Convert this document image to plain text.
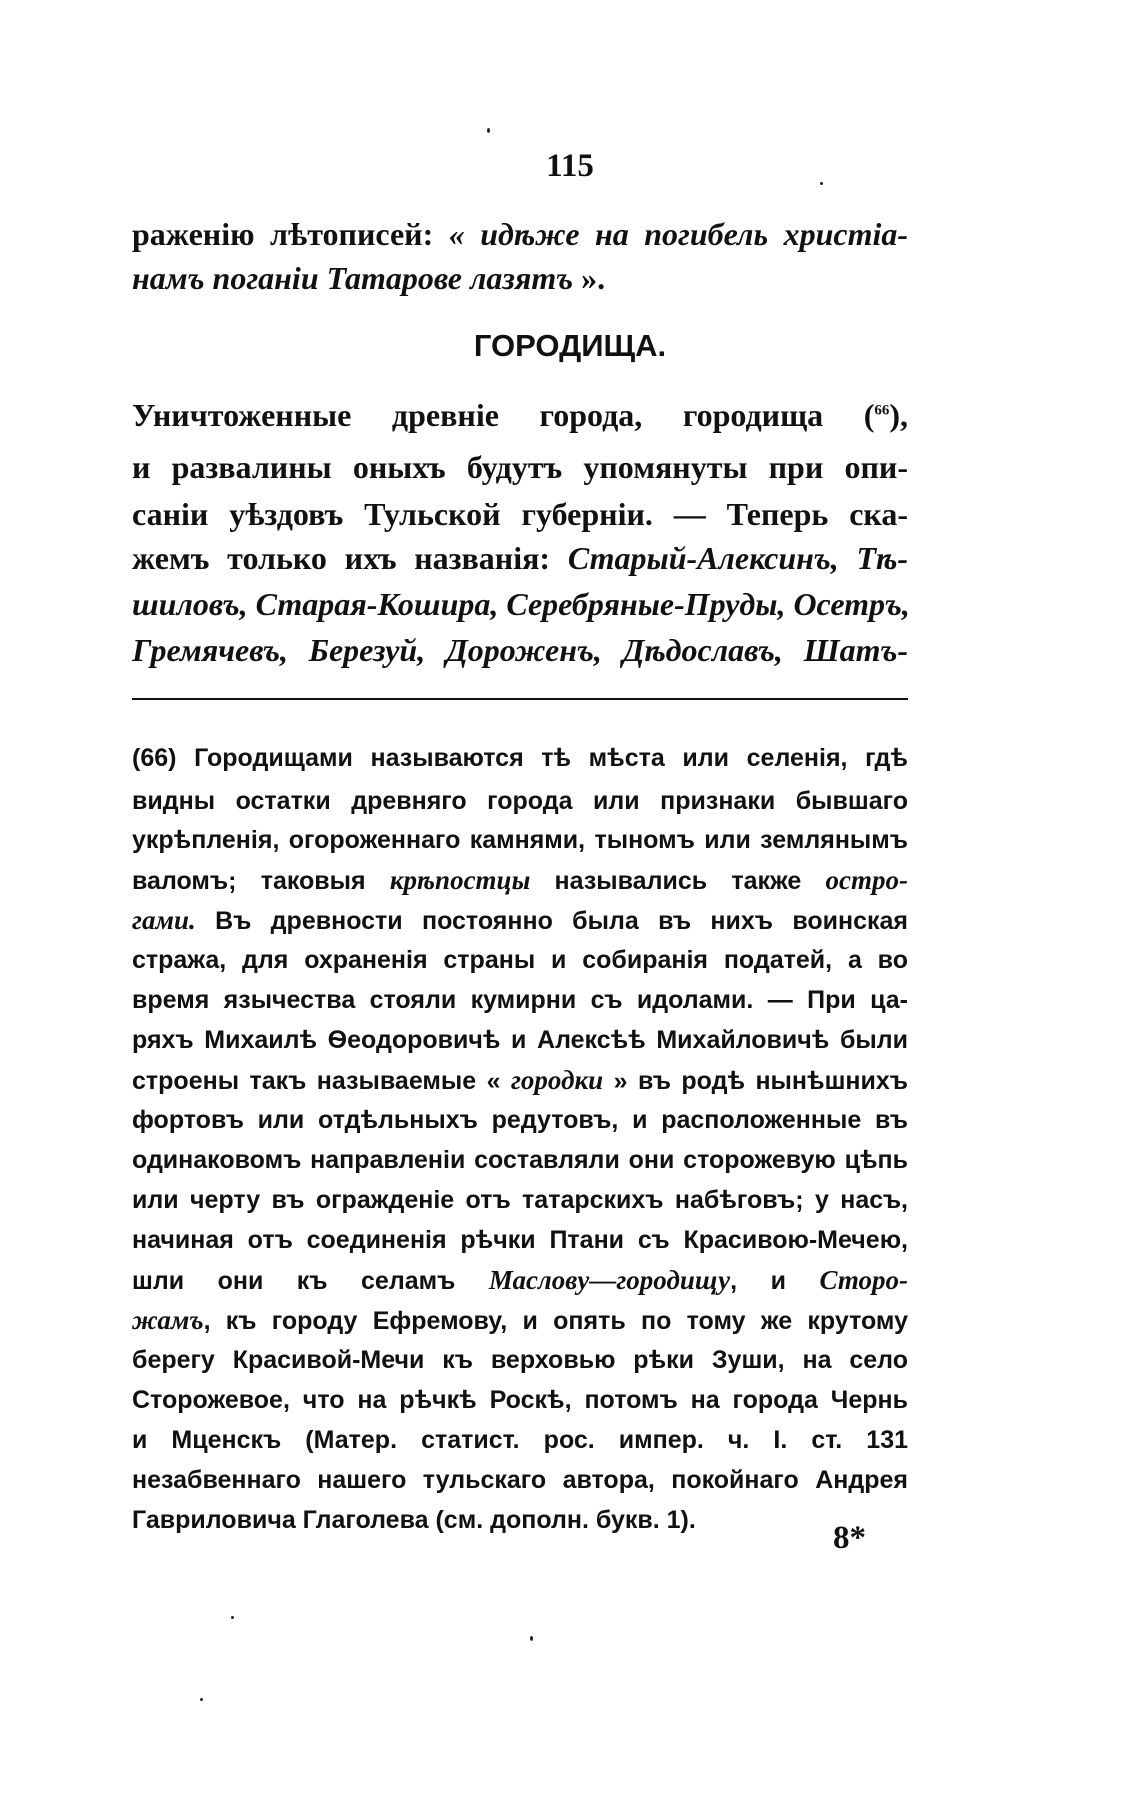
115
раженію лѣтописей: « идѣже на погибель христіа-
намъ поганіи Татарове лазятъ ».
ГОРОДИЩА.
Уничтоженные древніе города, городища ($^{66}$),
и развалины оныхъ будутъ упомянуты при опи-
саніи уѣздовъ Тульской губерніи. — Теперь ска-
жемъ только ихъ названія: Старый-Алексинъ, Тѣ-
шиловъ, Старая-Кошира, Серебряные-Пруды, Осетръ,
Гремячевъ, Березуй, Дороженъ, Дѣдославъ, Шатъ-
(66) Городищами называются тѣ мѣста или селенія, гдѣ
видны остатки древняго города или признаки бывшаго
укрѣпленія, огороженнаго камнями, тыномъ или землянымъ
валомъ; таковыя крѣпостцы назывались также остро-
гами. Въ древности постоянно была въ нихъ воинская
стража, для охраненія страны и собиранія податей, а во
время язычества стояли кумирни съ идолами. — При ца-
ряхъ Михаилѣ Ѳеодоровичѣ и Алексѣѣ Михайловичѣ были
строены такъ называемые « городки » въ родѣ нынѣшнихъ
фортовъ или отдѣльныхъ редутовъ, и расположенные въ
одинаковомъ направленіи составляли они сторожевую цѣпь
или черту въ огражденіе отъ татарскихъ набѣговъ; у насъ,
начиная отъ соединенія рѣчки Птани съ Красивою-Мечею,
шли они къ селамъ Маслову—городищу, и Сторо-
жамъ, къ городу Ефремову, и опять по тому же крутому
берегу Красивой-Мечи къ верховью рѣки Зуши, на село
Сторожевое, что на рѣчкѣ Роскѣ, потомъ на города Чернь
и Мценскъ (Матер. статист. рос. импер. ч. I. ст. 131
незабвеннаго нашего тульскаго автора, покойнаго Андрея
Гавриловича Глаголева (см. дополн. букв. 1).	8*
